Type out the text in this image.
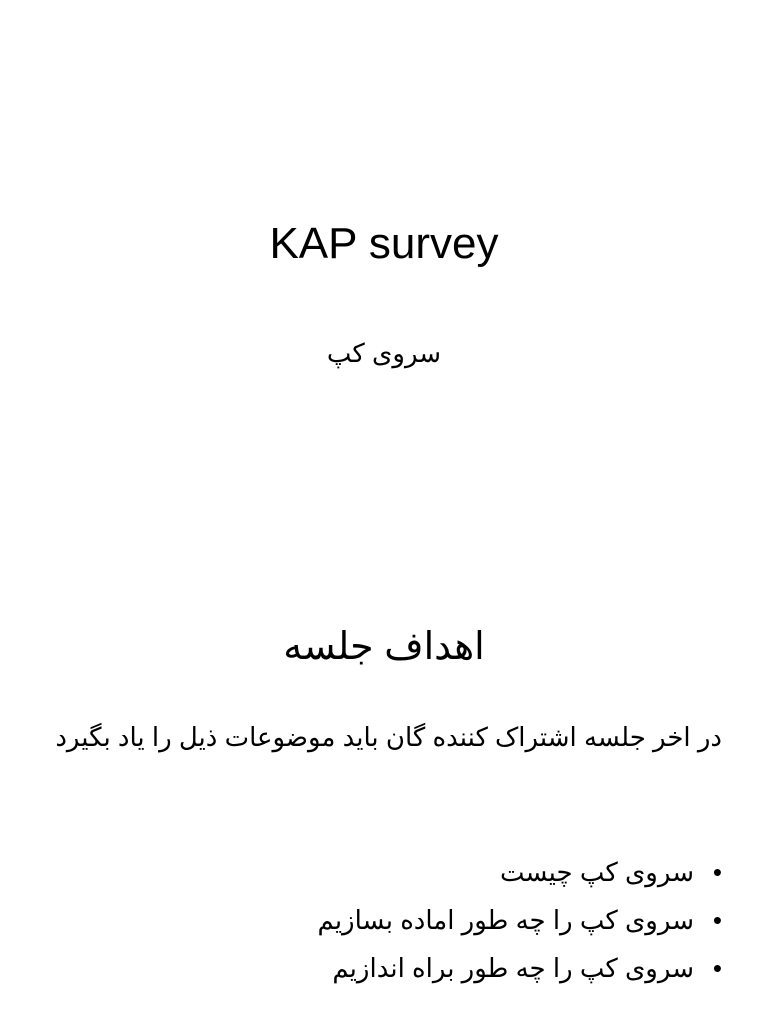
KAP survey

سروی کپ

اهداف جلسه

در اخر جلسه اشتراک کننده گان باید موضوعات ذیل را یاد بگیرد

•
سروی کپ چیست
•
سروی کپ را چه طور اماده بسازیم
•
سروی کپ را چه طور براه اندازیم
